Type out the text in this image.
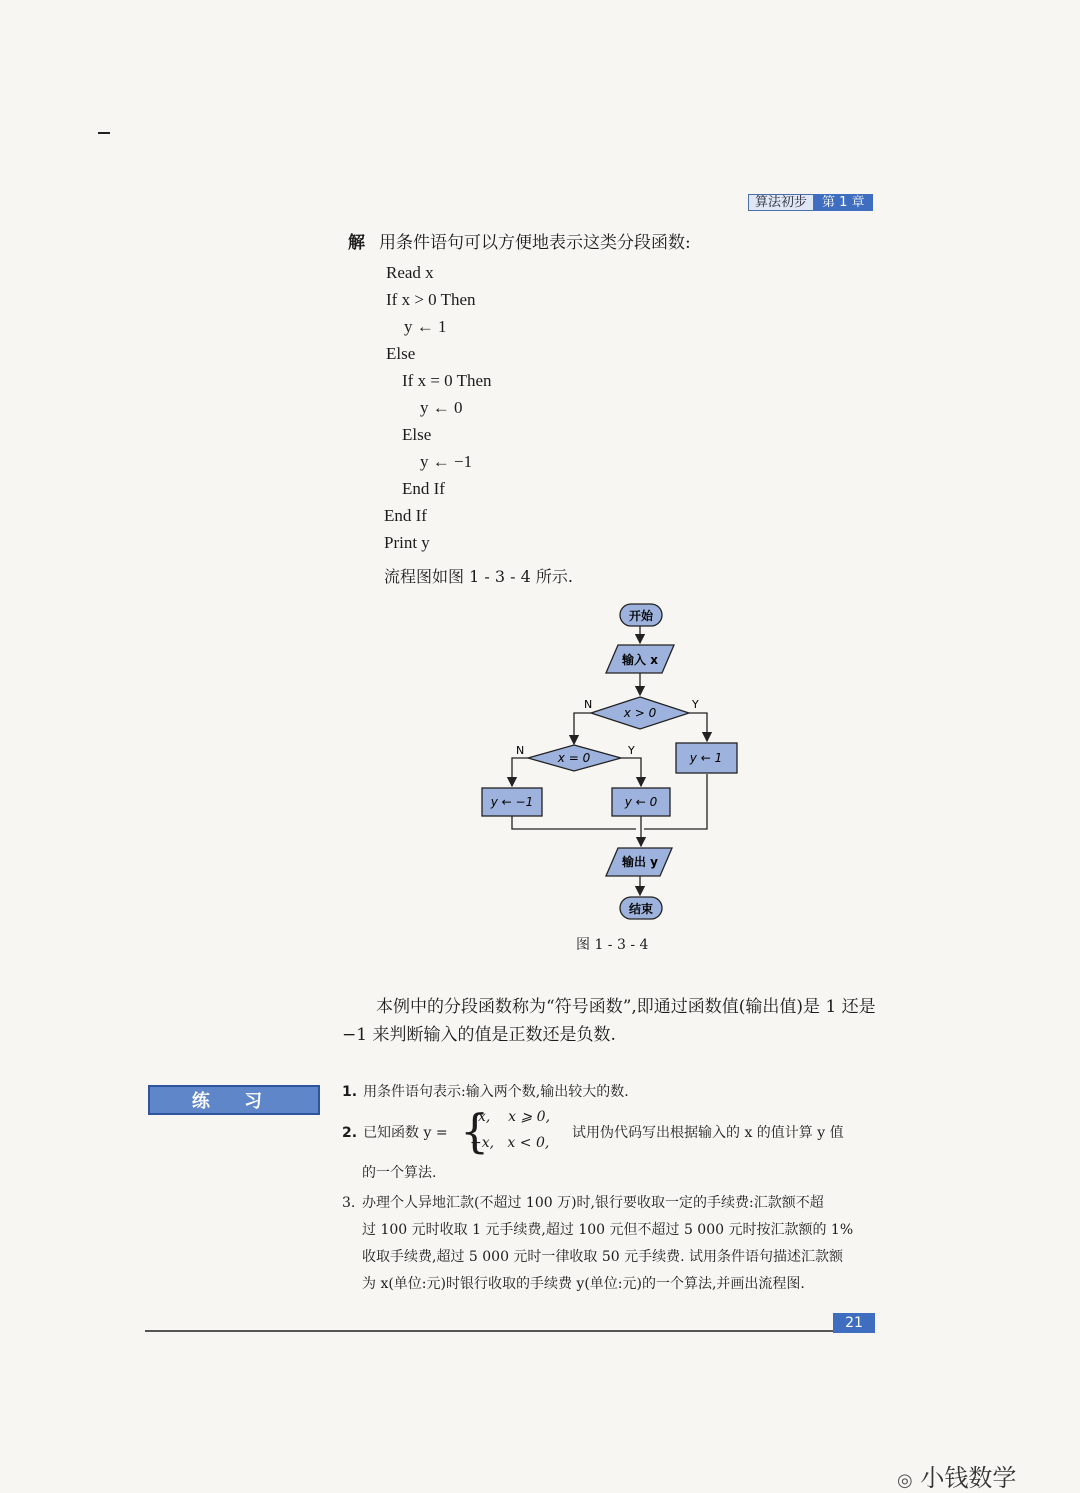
算法初步	第 1 章
解 用条件语句可以方便地表示这类分段函数:
Read x
If x > 0 Then
y ← 1
Else
If x = 0 Then
y ← 0
Else
y ← −1
End If
End If
Print y
流程图如图 1 - 3 - 4 所示.
开始
输入 x
x > 0
Y
N
y ← 1
x = 0
Y
N
y ← −1	y ← 0
输出 y
结束
图 1 - 3 - 4
本例中的分段函数称为“符号函数”,即通过函数值(输出值)是 1 还是 −1 来判断输入的值是正数还是负数.
练 习	1. 用条件语句表示:输入两个数,输出较大的数.
2. 已知函数 y = {
x,    x ⩾ 0,
−x,   x < 0,
试用伪代码写出根据输入的 x 的值计算 y 值
的一个算法.
3. 办理个人异地汇款(不超过 100 万)时,银行要收取一定的手续费:汇款额不超
过 100 元时收取 1 元手续费,超过 100 元但不超过 5 000 元时按汇款额的 1%
收取手续费,超过 5 000 元时一律收取 50 元手续费. 试用条件语句描述汇款额
为 x(单位:元)时银行收取的手续费 y(单位:元)的一个算法,并画出流程图.
21
◎ 小钱数学
